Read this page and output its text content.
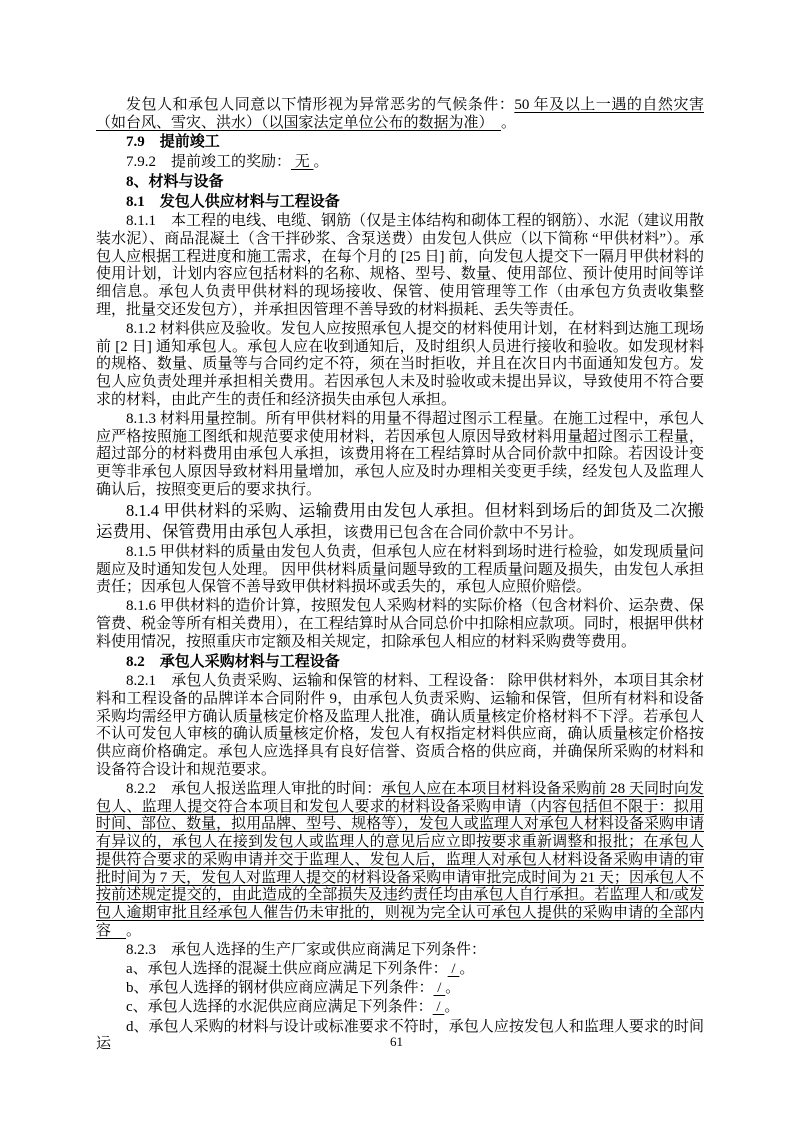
发包人和承包人同意以下情形视为异常恶劣的气候条件：50 年及以上一遇的自然灾害（如台风、雪灾、洪水）（以国家法定单位公布的数据为准）　。

7.9　提前竣工

7.9.2　提前竣工的奖励： 无 。

8、材料与设备

8.1　发包人供应材料与工程设备

8.1.1　本工程的电线、电缆、钢筋（仅是主体结构和砌体工程的钢筋）、水泥（建议用散装水泥）、商品混凝土（含干拌砂浆、含泵送费）由发包人供应（以下简称 “甲供材料”）。承包人应根据工程进度和施工需求，在每个月的 [25 日] 前，向发包人提交下一隔月甲供材料的使用计划，计划内容应包括材料的名称、规格、型号、数量、使用部位、预计使用时间等详细信息。承包人负责甲供材料的现场接收、保管、使用管理等工作（由承包方负责收集整理，批量交还发包方），并承担因管理不善导致的材料损耗、丢失等责任。

8.1.2 材料供应及验收。发包人应按照承包人提交的材料使用计划，在材料到达施工现场前 [2 日] 通知承包人。承包人应在收到通知后，及时组织人员进行接收和验收。如发现材料的规格、数量、质量等与合同约定不符，须在当时拒收，并且在次日内书面通知发包方。发包人应负责处理并承担相关费用。若因承包人未及时验收或未提出异议，导致使用不符合要求的材料，由此产生的责任和经济损失由承包人承担。

8.1.3 材料用量控制。所有甲供材料的用量不得超过图示工程量。在施工过程中，承包人应严格按照施工图纸和规范要求使用材料，若因承包人原因导致材料用量超过图示工程量，超过部分的材料费用由承包人承担，该费用将在工程结算时从合同价款中扣除。若因设计变更等非承包人原因导致材料用量增加，承包人应及时办理相关变更手续，经发包人及监理人确认后，按照变更后的要求执行。

8.1.4 甲供材料的采购、运输费用由发包人承担。但材料到场后的卸货及二次搬运费用、保管费用由承包人承担，该费用已包含在合同价款中不另计。

8.1.5 甲供材料的质量由发包人负责，但承包人应在材料到场时进行检验，如发现质量问题应及时通知发包人处理。 因甲供材料质量问题导致的工程质量问题及损失，由发包人承担责任；因承包人保管不善导致甲供材料损坏或丢失的，承包人应照价赔偿。

8.1.6 甲供材料的造价计算，按照发包人采购材料的实际价格（包含材料价、运杂费、保管费、税金等所有相关费用），在工程结算时从合同总价中扣除相应款项。同时，根据甲供材料使用情况，按照重庆市定额及相关规定，扣除承包人相应的材料采购费等费用。

8.2　承包人采购材料与工程设备

8.2.1　承包人负责采购、运输和保管的材料、工程设备： 除甲供材料外，本项目其余材料和工程设备的品牌详本合同附件 9，由承包人负责采购、运输和保管，但所有材料和设备采购均需经甲方确认质量核定价格及监理人批准，确认质量核定价格材料不下浮。若承包人不认可发包人审核的确认质量核定价格，发包人有权指定材料供应商，确认质量核定价格按供应商价格确定。承包人应选择具有良好信誉、资质合格的供应商，并确保所采购的材料和设备符合设计和规范要求。

8.2.2　承包人报送监理人审批的时间：承包人应在本项目材料设备采购前 28 天同时向发包人、监理人提交符合本项目和发包人要求的材料设备采购申请（内容包括但不限于：拟用时间、部位、数量，拟用品牌、型号、规格等），发包人或监理人对承包人材料设备采购申请有异议的，承包人在接到发包人或监理人的意见后应立即按要求重新调整和报批；在承包人提供符合要求的采购申请并交于监理人、发包人后，监理人对承包人材料设备采购申请的审批时间为 7 天，发包人对监理人提交的材料设备采购申请审批完成时间为 21 天；因承包人不按前述规定提交的，由此造成的全部损失及违约责任均由承包人自行承担。若监理人和/或发包人逾期审批且经承包人催告仍未审批的，则视为完全认可承包人提供的采购申请的全部内容　。

8.2.3　承包人选择的生产厂家或供应商满足下列条件：

a、承包人选择的混凝土供应商应满足下列条件： / 。

b、承包人选择的钢材供应商应满足下列条件： / 。

c、承包人选择的水泥供应商应满足下列条件： / 。

d、承包人采购的材料与设计或标准要求不符时，承包人应按发包人和监理人要求的时间运	61
